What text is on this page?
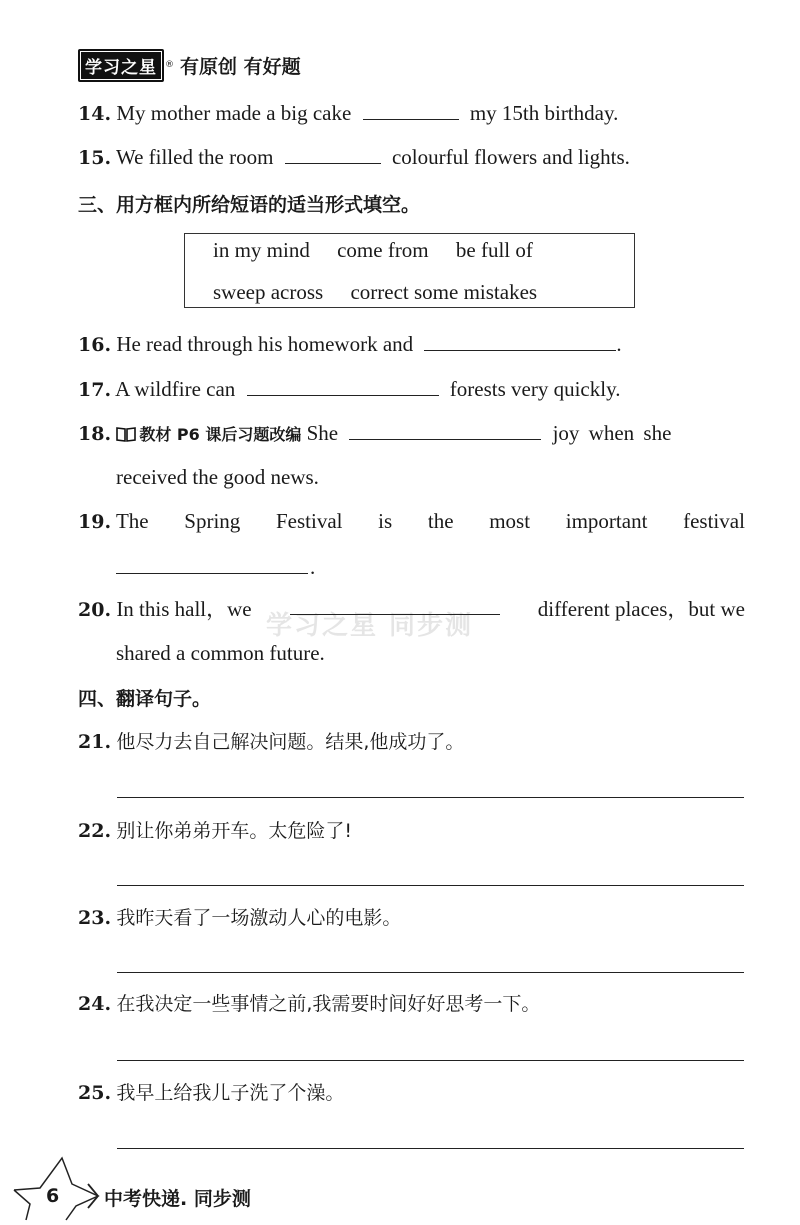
学习之星 ® 有原创 有好题
14. My mother made a big cake	my 15th birthday.
15. We filled the room	colourful flowers and lights.
三、用方框内所给短语的适当形式填空。
in my mind come from be full of
sweep across correct some mistakes
16. He read through his homework and	.
17. A wildfire can	forests very quickly.
18. 教材 P6 课后习题改编 She	joy when she
received the good news.
19. The Spring Festival is the most important festival
.
学习之星 同步测
20. In this hall，we	different places，but we
shared a common future.
四、翻译句子。
21. 他尽力去自己解决问题。结果,他成功了。
22. 别让你弟弟开车。太危险了!
23. 我昨天看了一场激动人心的电影。
24. 在我决定一些事情之前,我需要时间好好思考一下。
25. 我早上给我儿子洗了个澡。
6 中考快递. 同步测
